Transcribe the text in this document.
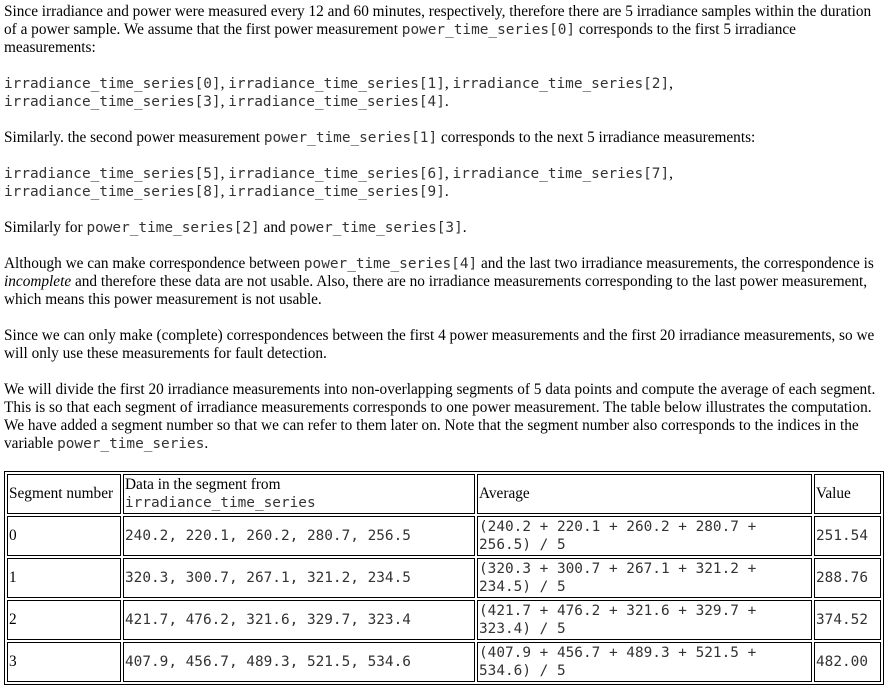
Since irradiance and power were measured every 12 and 60 minutes, respectively, therefore there are 5 irradiance samples within the duration of a power sample. We assume that the first power measurement power_time_series[0] corresponds to the first 5 irradiance measurements:

irradiance_time_series[0], irradiance_time_series[1], irradiance_time_series[2], irradiance_time_series[3], irradiance_time_series[4].

Similarly. the second power measurement power_time_series[1] corresponds to the next 5 irradiance measurements:

irradiance_time_series[5], irradiance_time_series[6], irradiance_time_series[7], irradiance_time_series[8], irradiance_time_series[9].

Similarly for power_time_series[2] and power_time_series[3].

Although we can make correspondence between power_time_series[4] and the last two irradiance measurements, the correspondence is incomplete and therefore these data are not usable. Also, there are no irradiance measurements corresponding to the last power measurement, which means this power measurement is not usable.

Since we can only make (complete) correspondences between the first 4 power measurements and the first 20 irradiance measurements, so we will only use these measurements for fault detection.

We will divide the first 20 irradiance measurements into non-overlapping segments of 5 data points and compute the average of each segment. This is so that each segment of irradiance measurements corresponds to one power measurement. The table below illustrates the computation. We have added a segment number so that we can refer to them later on. Note that the segment number also corresponds to the indices in the variable power_time_series.

Segment number	Data in the segment from irradiance_time_series	Average	Value
0	240.2, 220.1, 260.2, 280.7, 256.5	(240.2 + 220.1 + 260.2 + 280.7 + 256.5) / 5	251.54
1	320.3, 300.7, 267.1, 321.2, 234.5	(320.3 + 300.7 + 267.1 + 321.2 + 234.5) / 5	288.76
2	421.7, 476.2, 321.6, 329.7, 323.4	(421.7 + 476.2 + 321.6 + 329.7 + 323.4) / 5	374.52
3	407.9, 456.7, 489.3, 521.5, 534.6	(407.9 + 456.7 + 489.3 + 521.5 + 534.6) / 5	482.00
